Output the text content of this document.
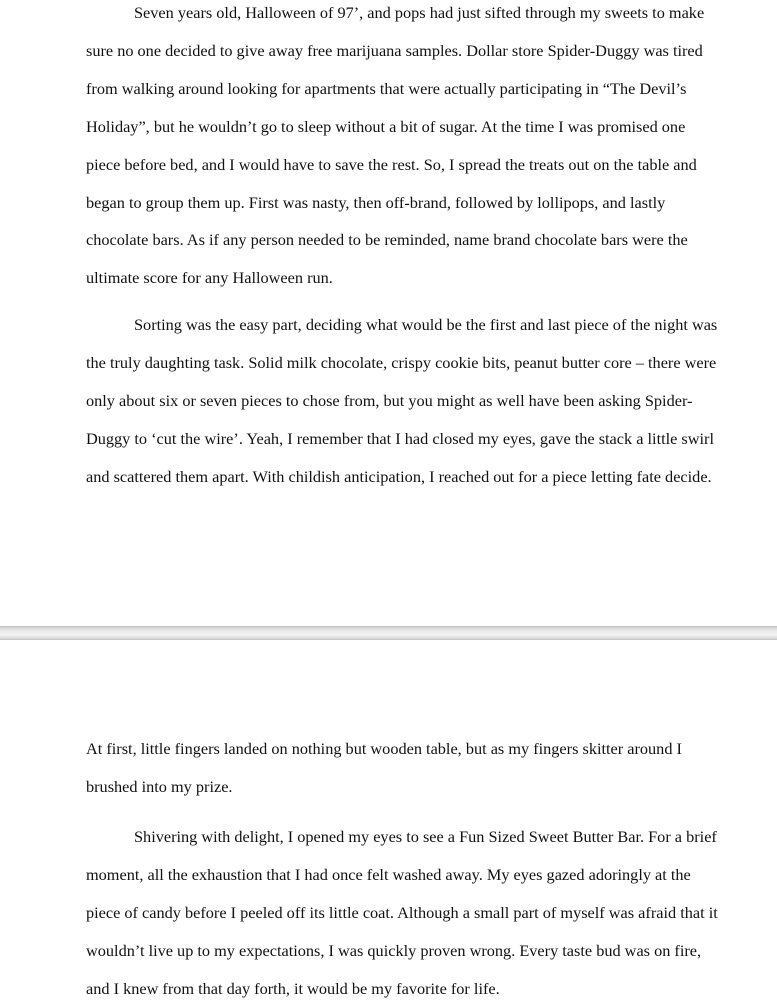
Seven years old, Halloween of 97’, and pops had just sifted through my sweets to make
sure no one decided to give away free marijuana samples. Dollar store Spider-Duggy was tired
from walking around looking for apartments that were actually participating in “The Devil’s
Holiday”, but he wouldn’t go to sleep without a bit of sugar. At the time I was promised one
piece before bed, and I would have to save the rest. So, I spread the treats out on the table and
began to group them up. First was nasty, then off-brand, followed by lollipops, and lastly
chocolate bars. As if any person needed to be reminded, name brand chocolate bars were the
ultimate score for any Halloween run.
Sorting was the easy part, deciding what would be the first and last piece of the night was
the truly daughting task. Solid milk chocolate, crispy cookie bits, peanut butter core – there were
only about six or seven pieces to chose from, but you might as well have been asking Spider-
Duggy to ‘cut the wire’. Yeah, I remember that I had closed my eyes, gave the stack a little swirl
and scattered them apart. With childish anticipation, I reached out for a piece letting fate decide.
At first, little fingers landed on nothing but wooden table, but as my fingers skitter around I
brushed into my prize.
Shivering with delight, I opened my eyes to see a Fun Sized Sweet Butter Bar. For a brief
moment, all the exhaustion that I had once felt washed away. My eyes gazed adoringly at the
piece of candy before I peeled off its little coat. Although a small part of myself was afraid that it
wouldn’t live up to my expectations, I was quickly proven wrong. Every taste bud was on fire,
and I knew from that day forth, it would be my favorite for life.
